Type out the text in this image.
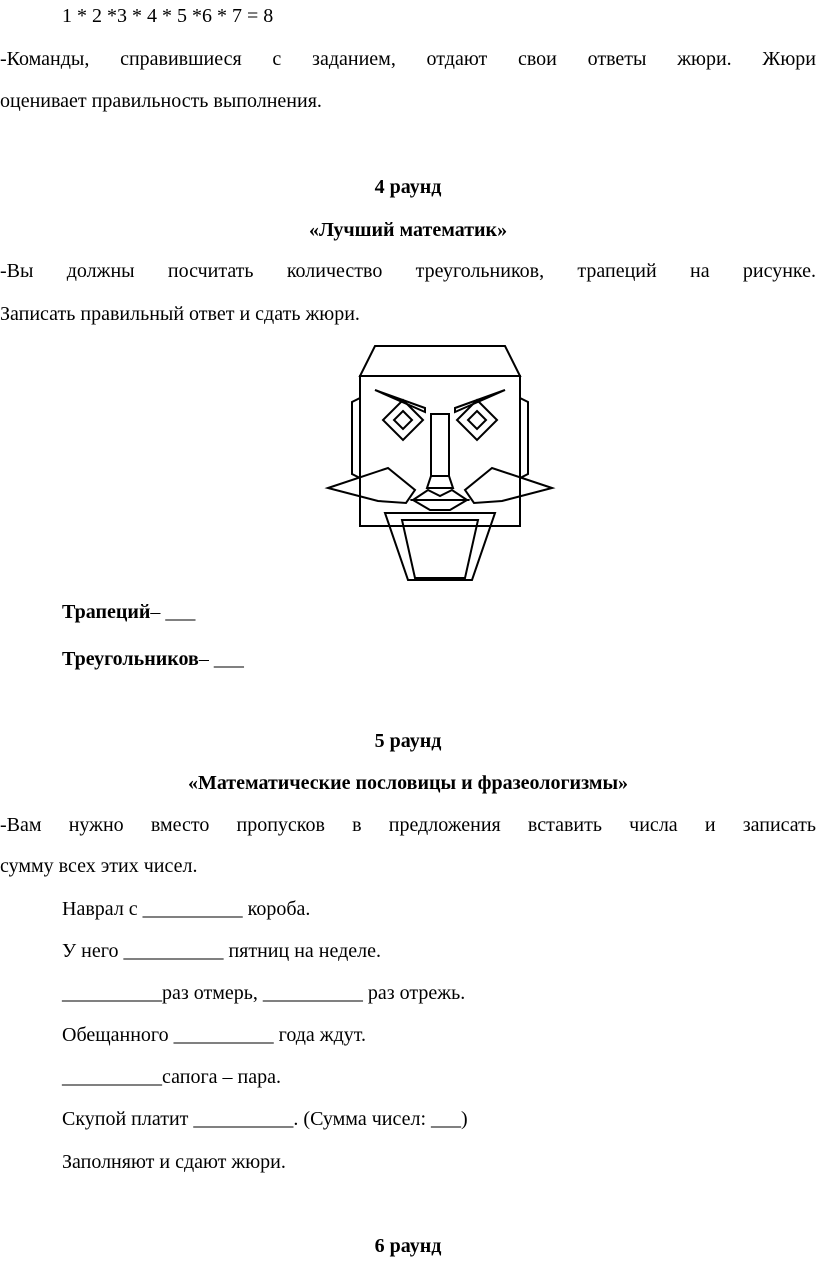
1 * 2 *3 * 4 * 5 *6 * 7 = 8
-Команды, справившиеся с заданием, отдают свои ответы жюри. Жюри
оценивает правильность выполнения.
4 раунд
«Лучший математик»
-Вы должны посчитать количество треугольников, трапеций на рисунке.
Записать правильный ответ и сдать жюри.
Трапеций– ___
Треугольников– ___
5 раунд
«Математические пословицы и фразеологизмы»
-Вам нужно вместо пропусков в предложения вставить числа и записать
сумму всех этих чисел.
Наврал с __________ короба.
У него __________ пятниц на неделе.
__________раз отмерь, __________ раз отрежь.
Обещанного __________ года ждут.
__________сапога – пара.
Скупой платит __________. (Сумма чисел: ___)
Заполняют и сдают жюри.
6 раунд
